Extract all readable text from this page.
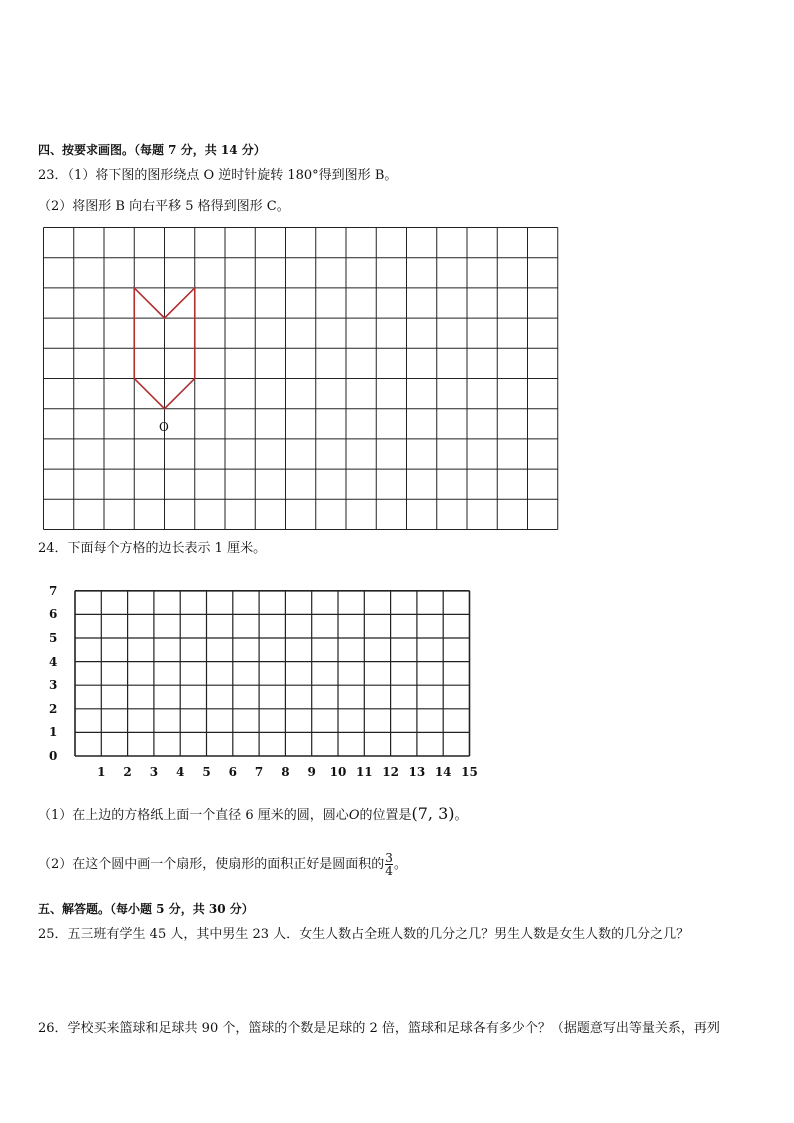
四、按要求画图。（每题 7 分，共 14 分）
23．（1）将下图的图形绕点 O 逆时针旋转 180°得到图形 B。
（2）将图形 B 向右平移 5 格得到图形 C。
O
24．下面每个方格的边长表示 1 厘米。
0
1
2
3
4
5
6
7
1	2	3	4	5	6	7	8	9	10 11 12 13 14 15
（1）在上边的方格纸上面一个直径 6 厘米的圆，圆心O的位置是(7, 3)。
（2）在这个圆中画一个扇形，使扇形的面积正好是圆面积的 $\frac{3}{4}$ 。
五、解答题。（每小题 5 分，共 30 分）
25．五三班有学生 45 人，其中男生 23 人．女生人数占全班人数的几分之几？男生人数是女生人数的几分之几？
26．学校买来篮球和足球共 90 个，篮球的个数是足球的 2 倍，篮球和足球各有多少个？（据题意写出等量关系，再列
